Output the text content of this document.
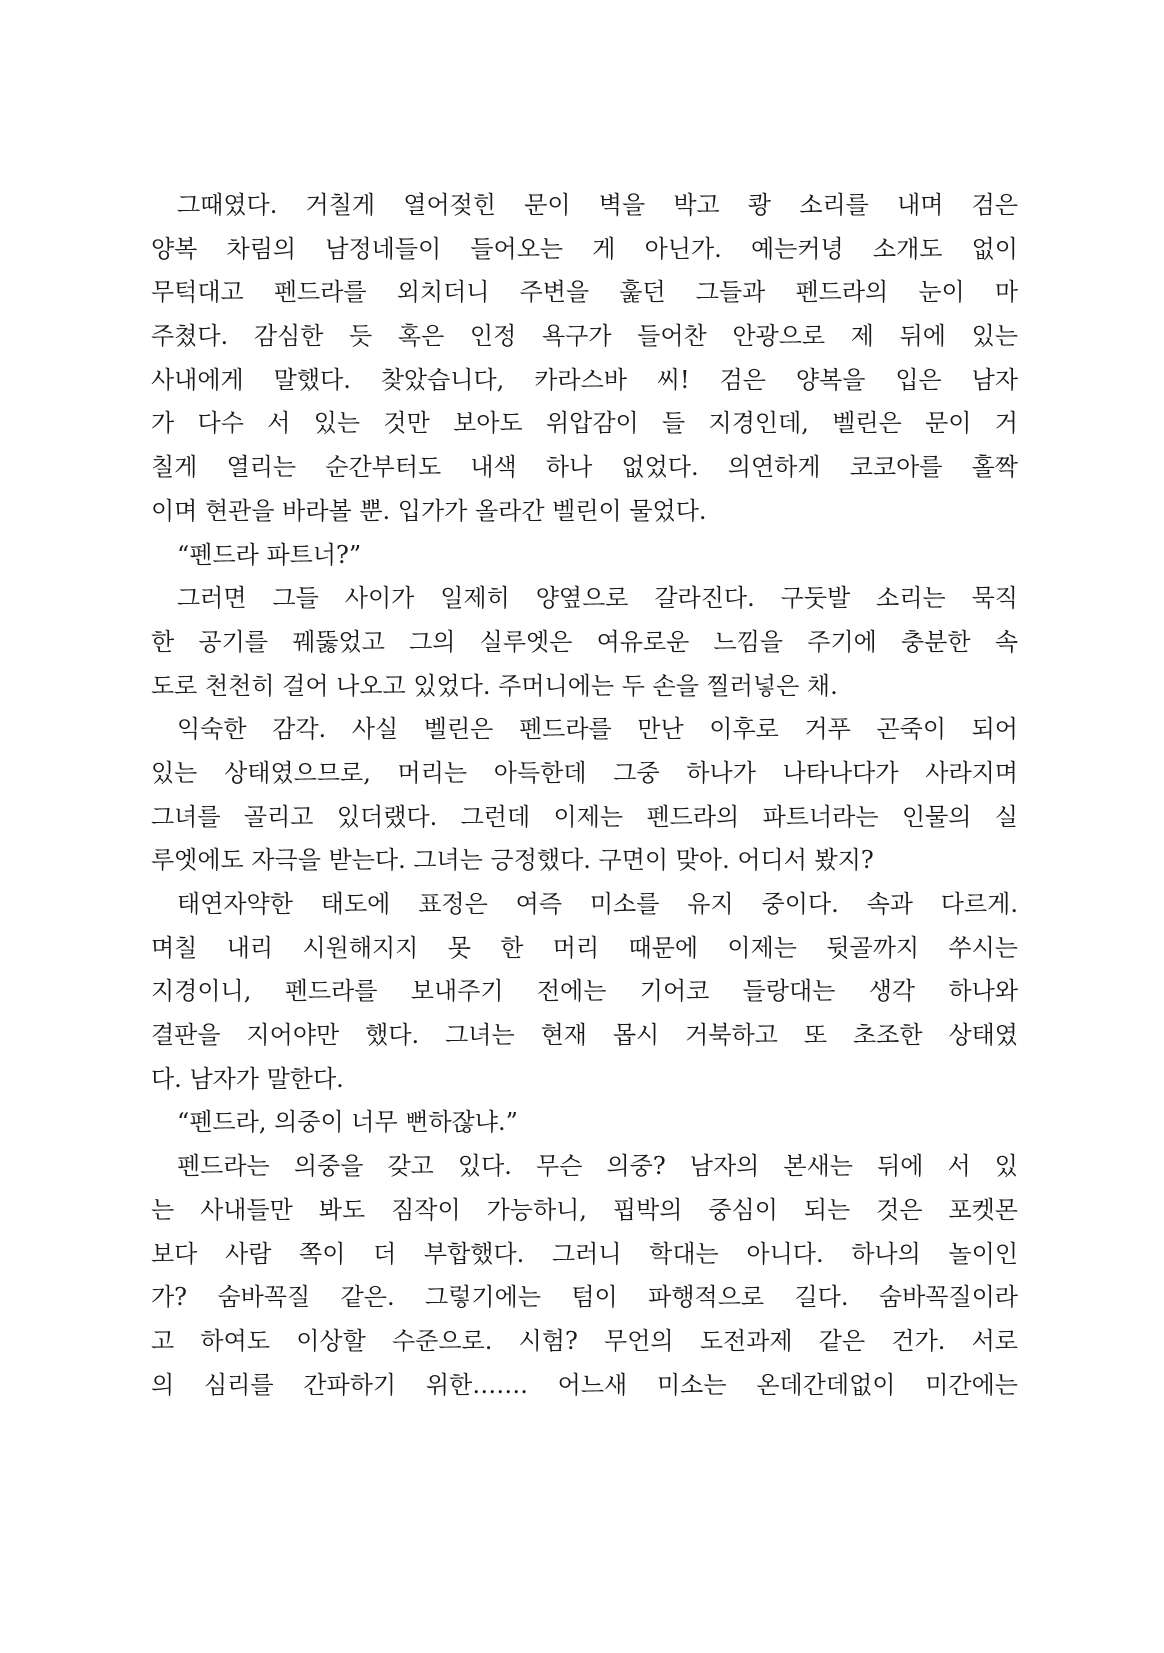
그때였다. 거칠게 열어젖힌 문이 벽을 박고 쾅 소리를 내며 검은
양복 차림의 남정네들이 들어오는 게 아닌가. 예는커녕 소개도 없이
무턱대고 펜드라를 외치더니 주변을 훑던 그들과 펜드라의 눈이 마
주쳤다. 감심한 듯 혹은 인정 욕구가 들어찬 안광으로 제 뒤에 있는
사내에게 말했다. 찾았습니다, 카라스바 씨! 검은 양복을 입은 남자
가 다수 서 있는 것만 보아도 위압감이 들 지경인데, 벨린은 문이 거
칠게 열리는 순간부터도 내색 하나 없었다. 의연하게 코코아를 홀짝
이며 현관을 바라볼 뿐. 입가가 올라간 벨린이 물었다.
“펜드라 파트너?”
그러면 그들 사이가 일제히 양옆으로 갈라진다. 구둣발 소리는 묵직
한 공기를 꿰뚫었고 그의 실루엣은 여유로운 느낌을 주기에 충분한 속
도로 천천히 걸어 나오고 있었다. 주머니에는 두 손을 찔러넣은 채.
익숙한 감각. 사실 벨린은 펜드라를 만난 이후로 거푸 곤죽이 되어
있는 상태였으므로, 머리는 아득한데 그중 하나가 나타나다가 사라지며
그녀를 골리고 있더랬다. 그런데 이제는 펜드라의 파트너라는 인물의 실
루엣에도 자극을 받는다. 그녀는 긍정했다. 구면이 맞아. 어디서 봤지?
태연자약한 태도에 표정은 여즉 미소를 유지 중이다. 속과 다르게.
며칠 내리 시원해지지 못 한 머리 때문에 이제는 뒷골까지 쑤시는
지경이니, 펜드라를 보내주기 전에는 기어코 들랑대는 생각 하나와
결판을 지어야만 했다. 그녀는 현재 몹시 거북하고 또 초조한 상태였
다. 남자가 말한다.
“펜드라, 의중이 너무 뻔하잖냐.”
펜드라는 의중을 갖고 있다. 무슨 의중? 남자의 본새는 뒤에 서 있
는 사내들만 봐도 짐작이 가능하니, 핍박의 중심이 되는 것은 포켓몬
보다 사람 쪽이 더 부합했다. 그러니 학대는 아니다. 하나의 놀이인
가? 숨바꼭질 같은. 그렇기에는 텀이 파행적으로 길다. 숨바꼭질이라
고 하여도 이상할 수준으로. 시험? 무언의 도전과제 같은 건가. 서로
의 심리를 간파하기 위한……. 어느새 미소는 온데간데없이 미간에는
